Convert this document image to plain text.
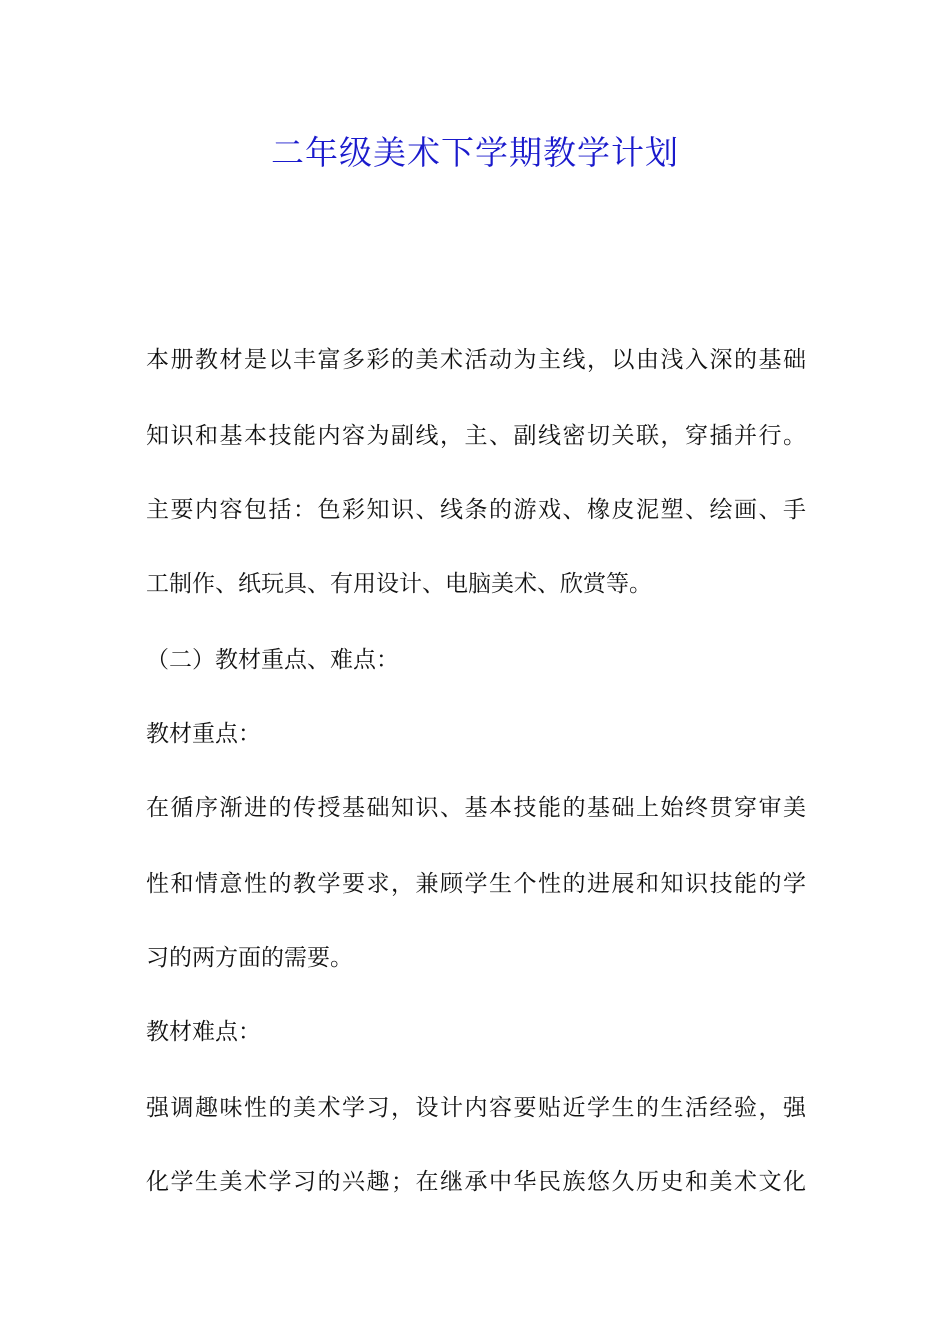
二年级美术下学期教学计划

本册教材是以丰富多彩的美术活动为主线，以由浅入深的基础

知识和基本技能内容为副线，主、副线密切关联，穿插并行。

主要内容包括：色彩知识、线条的游戏、橡皮泥塑、绘画、手

工制作、纸玩具、有用设计、电脑美术、欣赏等。

（二）教材重点、难点：

教材重点：

在循序渐进的传授基础知识、基本技能的基础上始终贯穿审美

性和情意性的教学要求，兼顾学生个性的进展和知识技能的学

习的两方面的需要。

教材难点：

强调趣味性的美术学习，设计内容要贴近学生的生活经验，强

化学生美术学习的兴趣；在继承中华民族悠久历史和美术文化
